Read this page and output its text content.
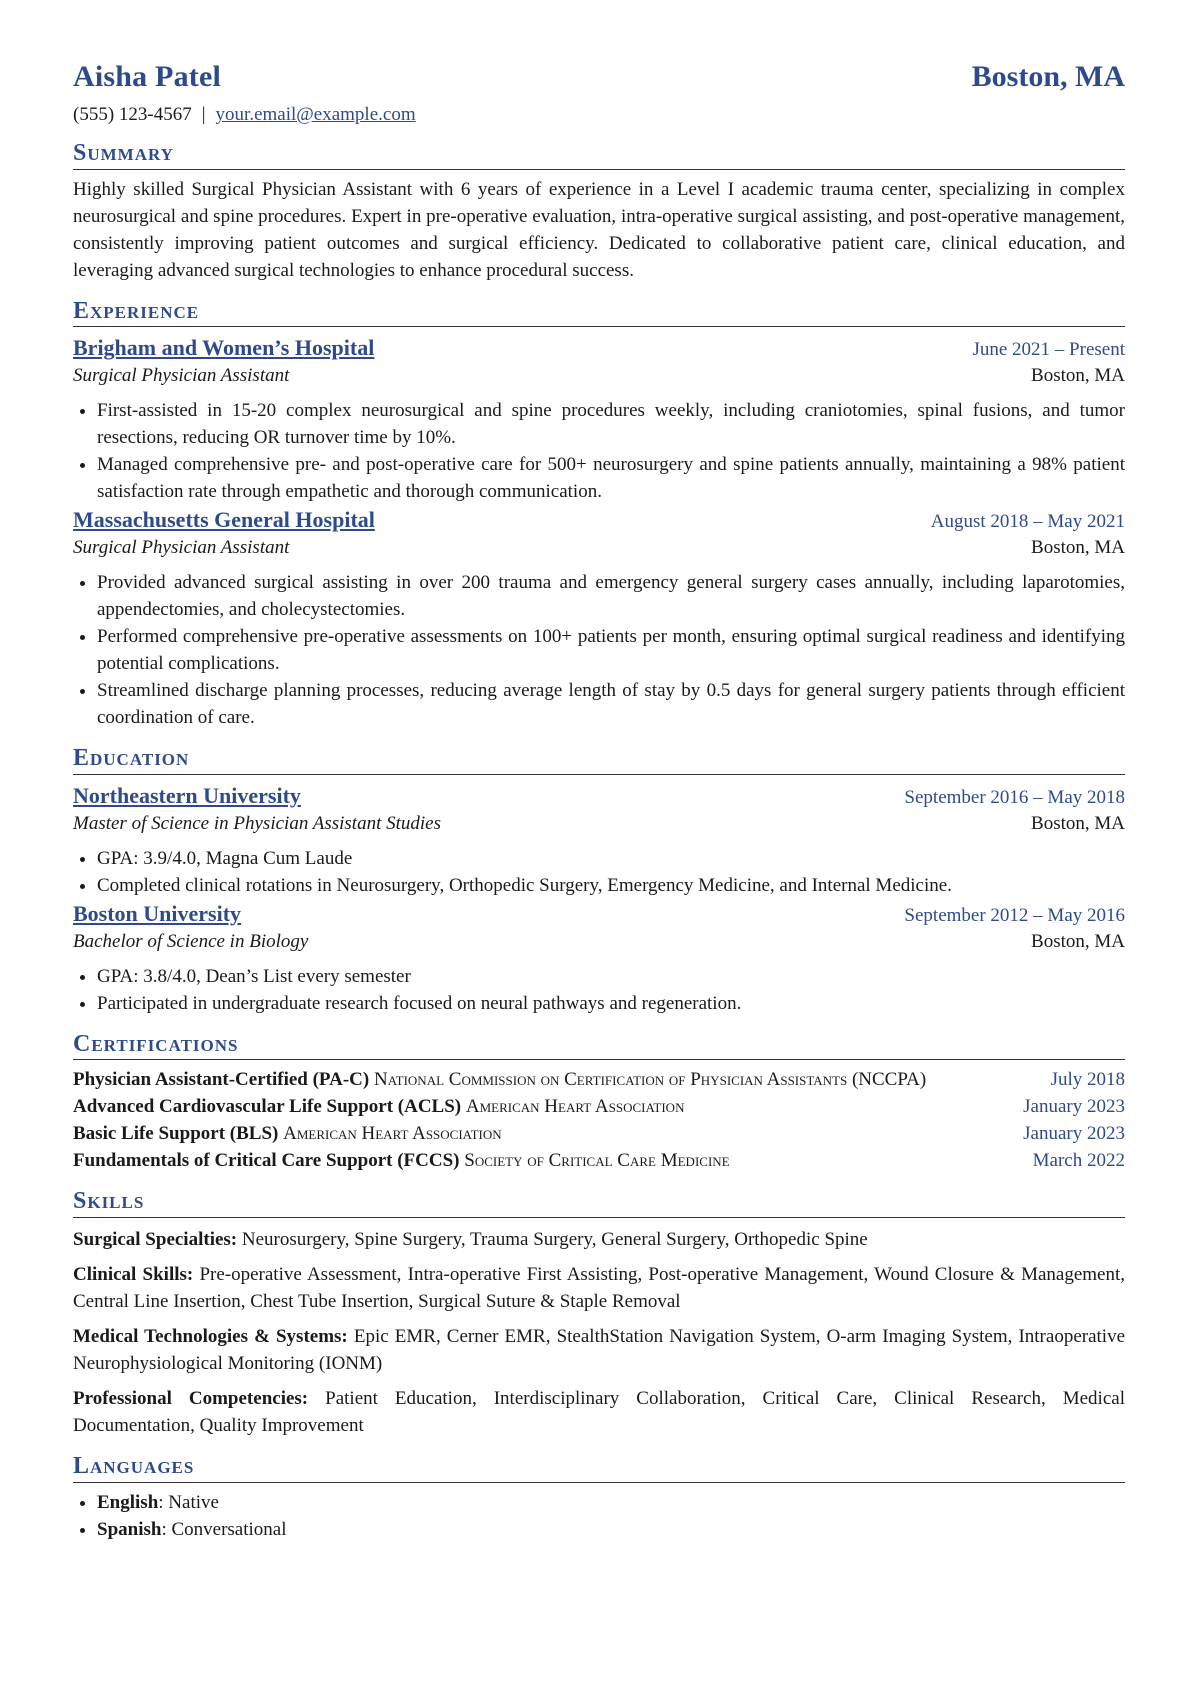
Aisha Patel	Boston, MA
(555) 123-4567 | your.email@example.com
Summary
Highly skilled Surgical Physician Assistant with 6 years of experience in a Level I academic trauma center, specializing in complex neurosurgical and spine procedures. Expert in pre-operative evaluation, intra-operative surgical assisting, and post-operative management, consistently improving patient outcomes and surgical efficiency. Dedicated to collaborative patient care, clinical education, and leveraging advanced surgical technologies to enhance procedural success.
Experience
Brigham and Women’s Hospital	June 2021 – Present
Surgical Physician Assistant	Boston, MA
• First-assisted in 15-20 complex neurosurgical and spine procedures weekly, including craniotomies, spinal fusions, and tumor resections, reducing OR turnover time by 10%.
• Managed comprehensive pre- and post-operative care for 500+ neurosurgery and spine patients annually, maintaining a 98% patient satisfaction rate through empathetic and thorough communication.
Massachusetts General Hospital	August 2018 – May 2021
Surgical Physician Assistant	Boston, MA
• Provided advanced surgical assisting in over 200 trauma and emergency general surgery cases annually, including laparotomies, appendectomies, and cholecystectomies.
• Performed comprehensive pre-operative assessments on 100+ patients per month, ensuring optimal surgical readiness and identifying potential complications.
• Streamlined discharge planning processes, reducing average length of stay by 0.5 days for general surgery patients through efficient coordination of care.
Education
Northeastern University	September 2016 – May 2018
Master of Science in Physician Assistant Studies	Boston, MA
• GPA: 3.9/4.0, Magna Cum Laude
• Completed clinical rotations in Neurosurgery, Orthopedic Surgery, Emergency Medicine, and Internal Medicine.
Boston University	September 2012 – May 2016
Bachelor of Science in Biology	Boston, MA
• GPA: 3.8/4.0, Dean’s List every semester
• Participated in undergraduate research focused on neural pathways and regeneration.
Certifications
Physician Assistant-Certified (PA-C) National Commission on Certification of Physician Assistants (NCCPA)	July 2018
Advanced Cardiovascular Life Support (ACLS) American Heart Association	January 2023
Basic Life Support (BLS) American Heart Association	January 2023
Fundamentals of Critical Care Support (FCCS) Society of Critical Care Medicine	March 2022
Skills
Surgical Specialties: Neurosurgery, Spine Surgery, Trauma Surgery, General Surgery, Orthopedic Spine
Clinical Skills: Pre-operative Assessment, Intra-operative First Assisting, Post-operative Management, Wound Closure & Management, Central Line Insertion, Chest Tube Insertion, Surgical Suture & Staple Removal
Medical Technologies & Systems: Epic EMR, Cerner EMR, StealthStation Navigation System, O-arm Imaging System, Intraoperative Neurophysiological Monitoring (IONM)
Professional Competencies: Patient Education, Interdisciplinary Collaboration, Critical Care, Clinical Research, Medical Documentation, Quality Improvement
Languages
• English: Native
• Spanish: Conversational
